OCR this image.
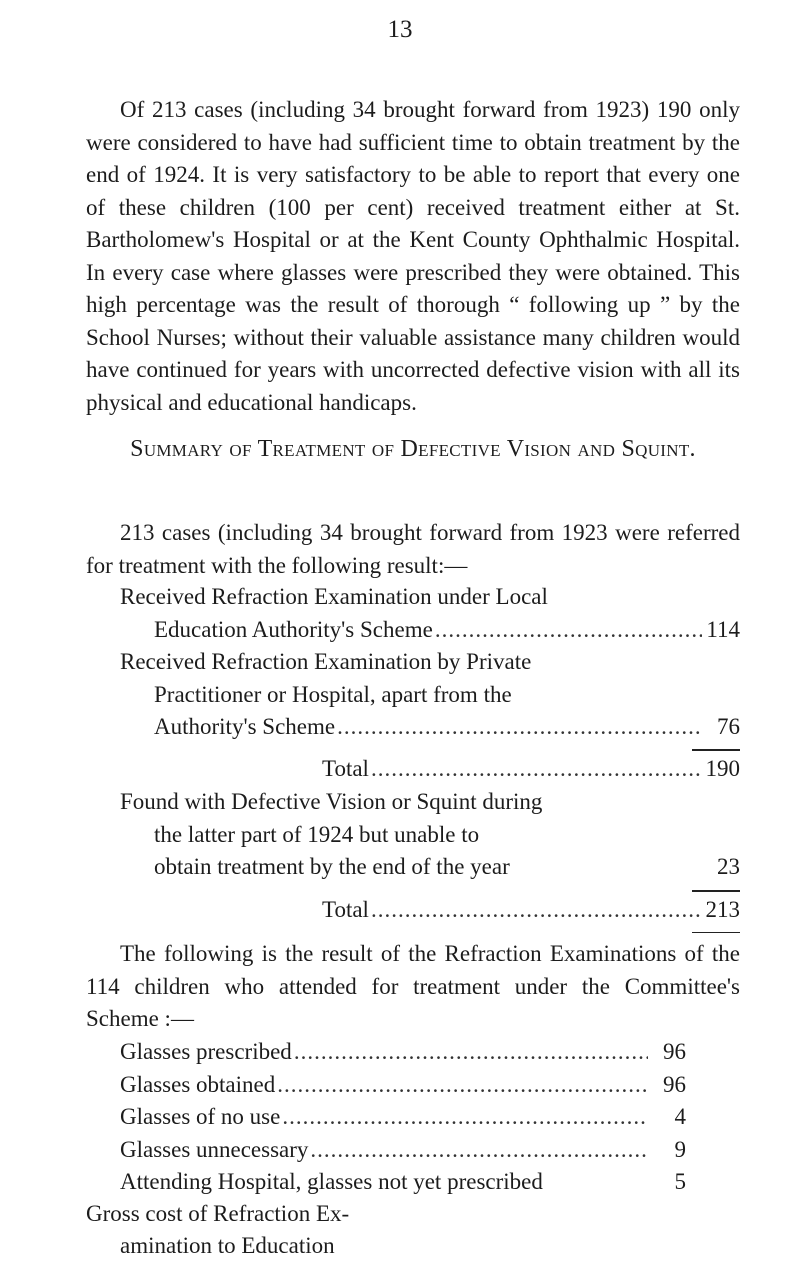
13

Of 213 cases (including 34 brought forward from 1923) 190 only were considered to have had sufficient time to obtain treatment by the end of 1924. It is very satisfactory to be able to report that every one of these children (100 per cent) received treatment either at St. Bartholomew's Hospital or at the Kent County Ophthalmic Hospital. In every case where glasses were prescribed they were obtained. This high percentage was the result of thorough “ following up ” by the School Nurses; without their valuable assistance many children would have continued for years with uncorrected defective vision with all its physical and educational handicaps.

Summary of Treatment of Defective Vision and Squint.

213 cases (including 34 brought forward from 1923 were referred for treatment with the following result:—

Received Refraction Examination under Local
Education Authority's Scheme .....	114
Received Refraction Examination by Private
Practitioner or Hospital, apart from the
Authority's Scheme .....	76
Total .....	190
Found with Defective Vision or Squint during
the latter part of 1924 but unable to
obtain treatment by the end of the year	23
Total .....	213

The following is the result of the Refraction Examinations of the 114 children who attended for treatment under the Committee's Scheme :—

Glasses prescribed .....	96
Glasses obtained .....	96
Glasses of no use .....	4
Glasses unnecessary .....	9
Attending Hospital, glasses not yet prescribed	5
Gross cost of Refraction Ex-
amination to Education
